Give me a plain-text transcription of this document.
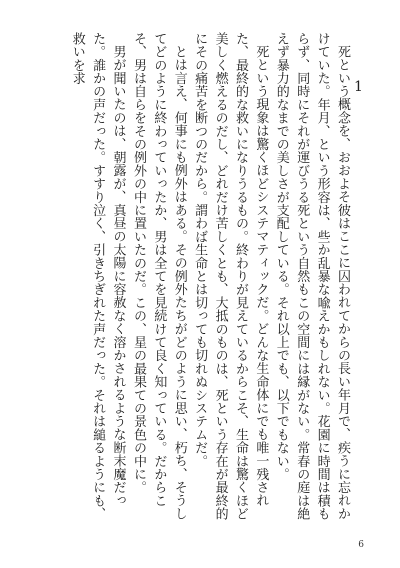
1

死という概念を、おおよそ彼はここに囚われてからの長い年月で、疾うに忘れかけていた。年月、という形容は、些か乱暴な喩えかもしれない。花園に時間は積もらず、同時にそれが運びうる死という自然もこの空間には縁がない。常春の庭は絶えず暴力的なまでの美しさが支配している。それ以上でも、以下でもない。

死という現象は驚くほどシステマティックだ。どんな生命体にでも唯一残された、最終的な救いになりうるもの。終わりが見えているからこそ、生命は驚くほど美しく燃えるのだし、どれだけ苦しくとも、大抵のものは、死という存在が最終的にその痛苦を断つのだから。謂わば生命とは切っても切れぬシステムだ。

とは言え、何事にも例外はある。その例外たちがどのように思い、朽ち、そうしてどのように終わっていったか、男は全てを見続けて良く知っている。だからこそ、男は自らをその例外の中に置いたのだ。この、星の最果ての景色の中に。

男が聞いたのは、朝露が、真昼の太陽に容赦なく溶かされるような断末魔だった。誰かの声だった。すすり泣く、引きちぎれた声だった。それは縋るようにも、救いを求

6
